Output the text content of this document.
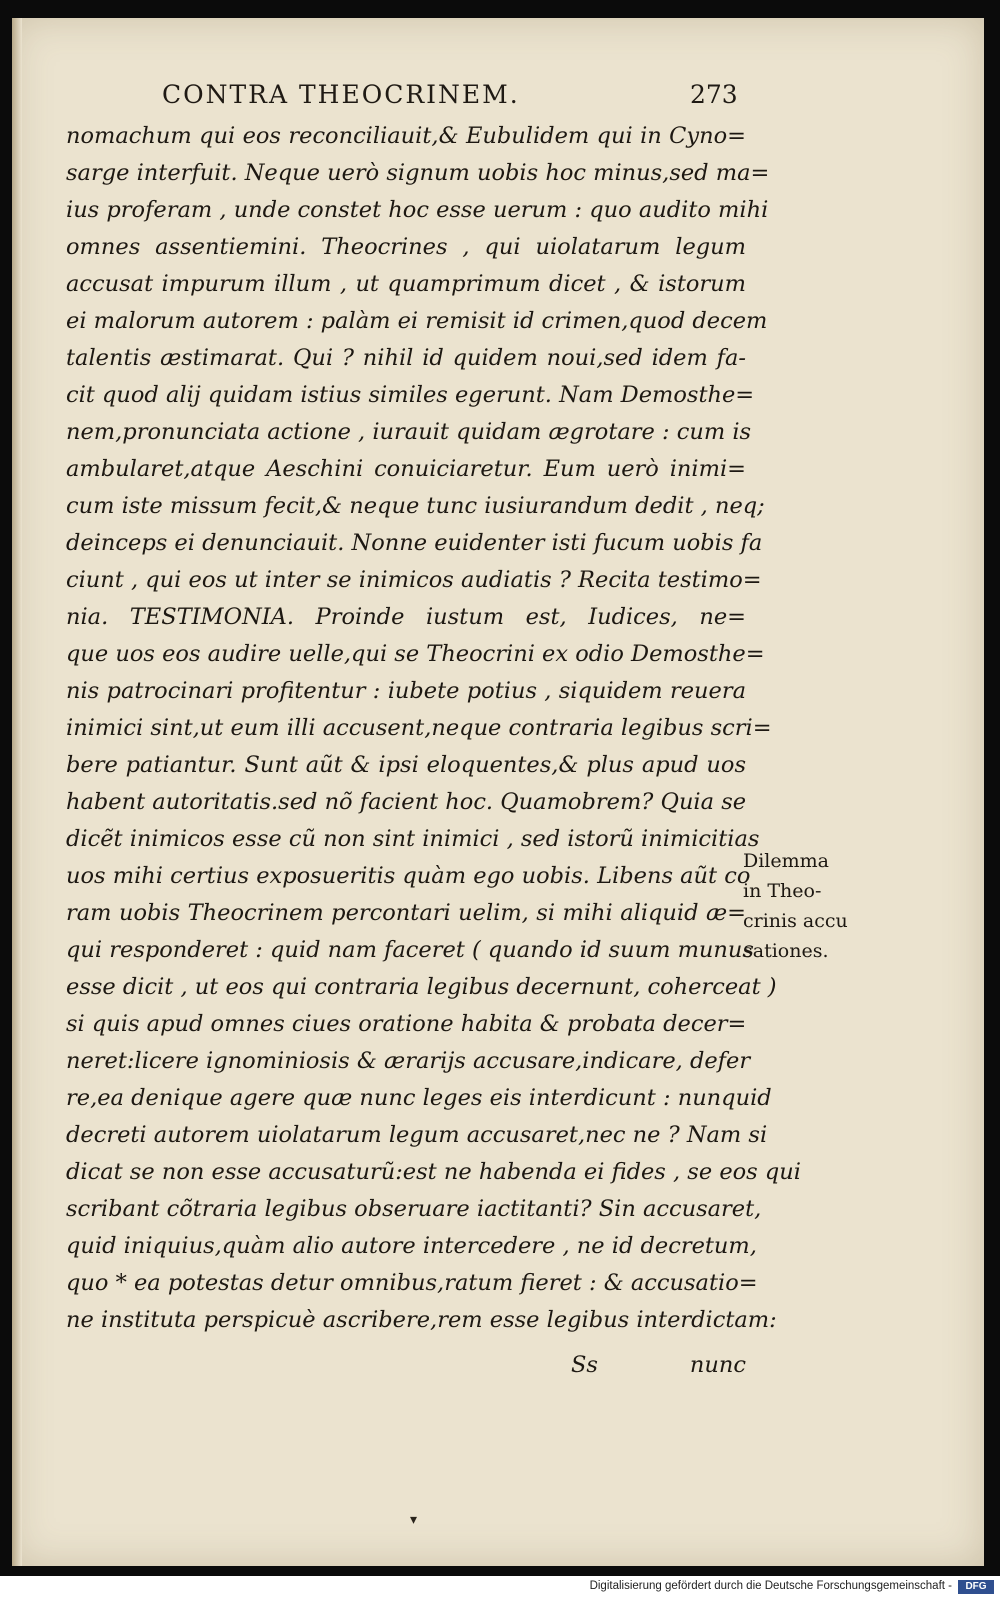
CONTRA THEOCRINEM.	273
nomachum qui eos reconciliauit,& Eubulidem qui in Cyno=
sarge interfuit. Neque uerò signum uobis hoc minus,sed ma=
ius proferam , unde constet hoc esse uerum : quo audito mihi
omnes assentiemini. Theocrines , qui uiolatarum legum
accusat impurum illum , ut quamprimum dicet , & istorum
ei malorum autorem : palàm ei remisit id crimen,quod decem
talentis æstimarat. Qui ? nihil id quidem noui,sed idem fa-
cit quod alij quidam istius similes egerunt. Nam Demosthe=
nem,pronunciata actione , iurauit quidam ægrotare : cum is
ambularet,atque Aeschini conuiciaretur. Eum uerò inimi=
cum iste missum fecit,& neque tunc iusiurandum dedit , neq;
deinceps ei denunciauit. Nonne euidenter isti fucum uobis fa
ciunt , qui eos ut inter se inimicos audiatis ? Recita testimo=
nia. TESTIMONIA. Proinde iustum est, Iudices, ne=
que uos eos audire uelle,qui se Theocrini ex odio Demosthe=
nis patrocinari profitentur : iubete potius , siquidem reuera
inimici sint,ut eum illi accusent,neque contraria legibus scri=
bere patiantur. Sunt aũt & ipsi eloquentes,& plus apud uos
habent autoritatis.sed nõ facient hoc. Quamobrem? Quia se
dicẽt inimicos esse cũ non sint inimici , sed istorũ inimicitias
uos mihi certius exposueritis quàm ego uobis. Libens aũt co
ram uobis Theocrinem percontari uelim, si mihi aliquid æ=
qui responderet : quid nam faceret ( quando id suum munus
esse dicit , ut eos qui contraria legibus decernunt, coherceat )
si quis apud omnes ciues oratione habita & probata decer=
neret:licere ignominiosis & ærarijs accusare,indicare, defer
re,ea denique agere quæ nunc leges eis interdicunt : nunquid
decreti autorem uiolatarum legum accusaret,nec ne ? Nam si
dicat se non esse accusaturũ:est ne habenda ei fides , se eos qui
scribant cõtraria legibus obseruare iactitanti? Sin accusaret,
quid iniquius,quàm alio autore intercedere , ne id decretum,
quo * ea potestas detur omnibus,ratum fieret : & accusatio=
ne instituta perspicuè ascribere,rem esse legibus interdictam:
Dilemma
in Theo-
crinis accu
sationes.
Ss	nunc
▾
Digitalisierung gefördert durch die Deutsche Forschungsgemeinschaft -	DFG
